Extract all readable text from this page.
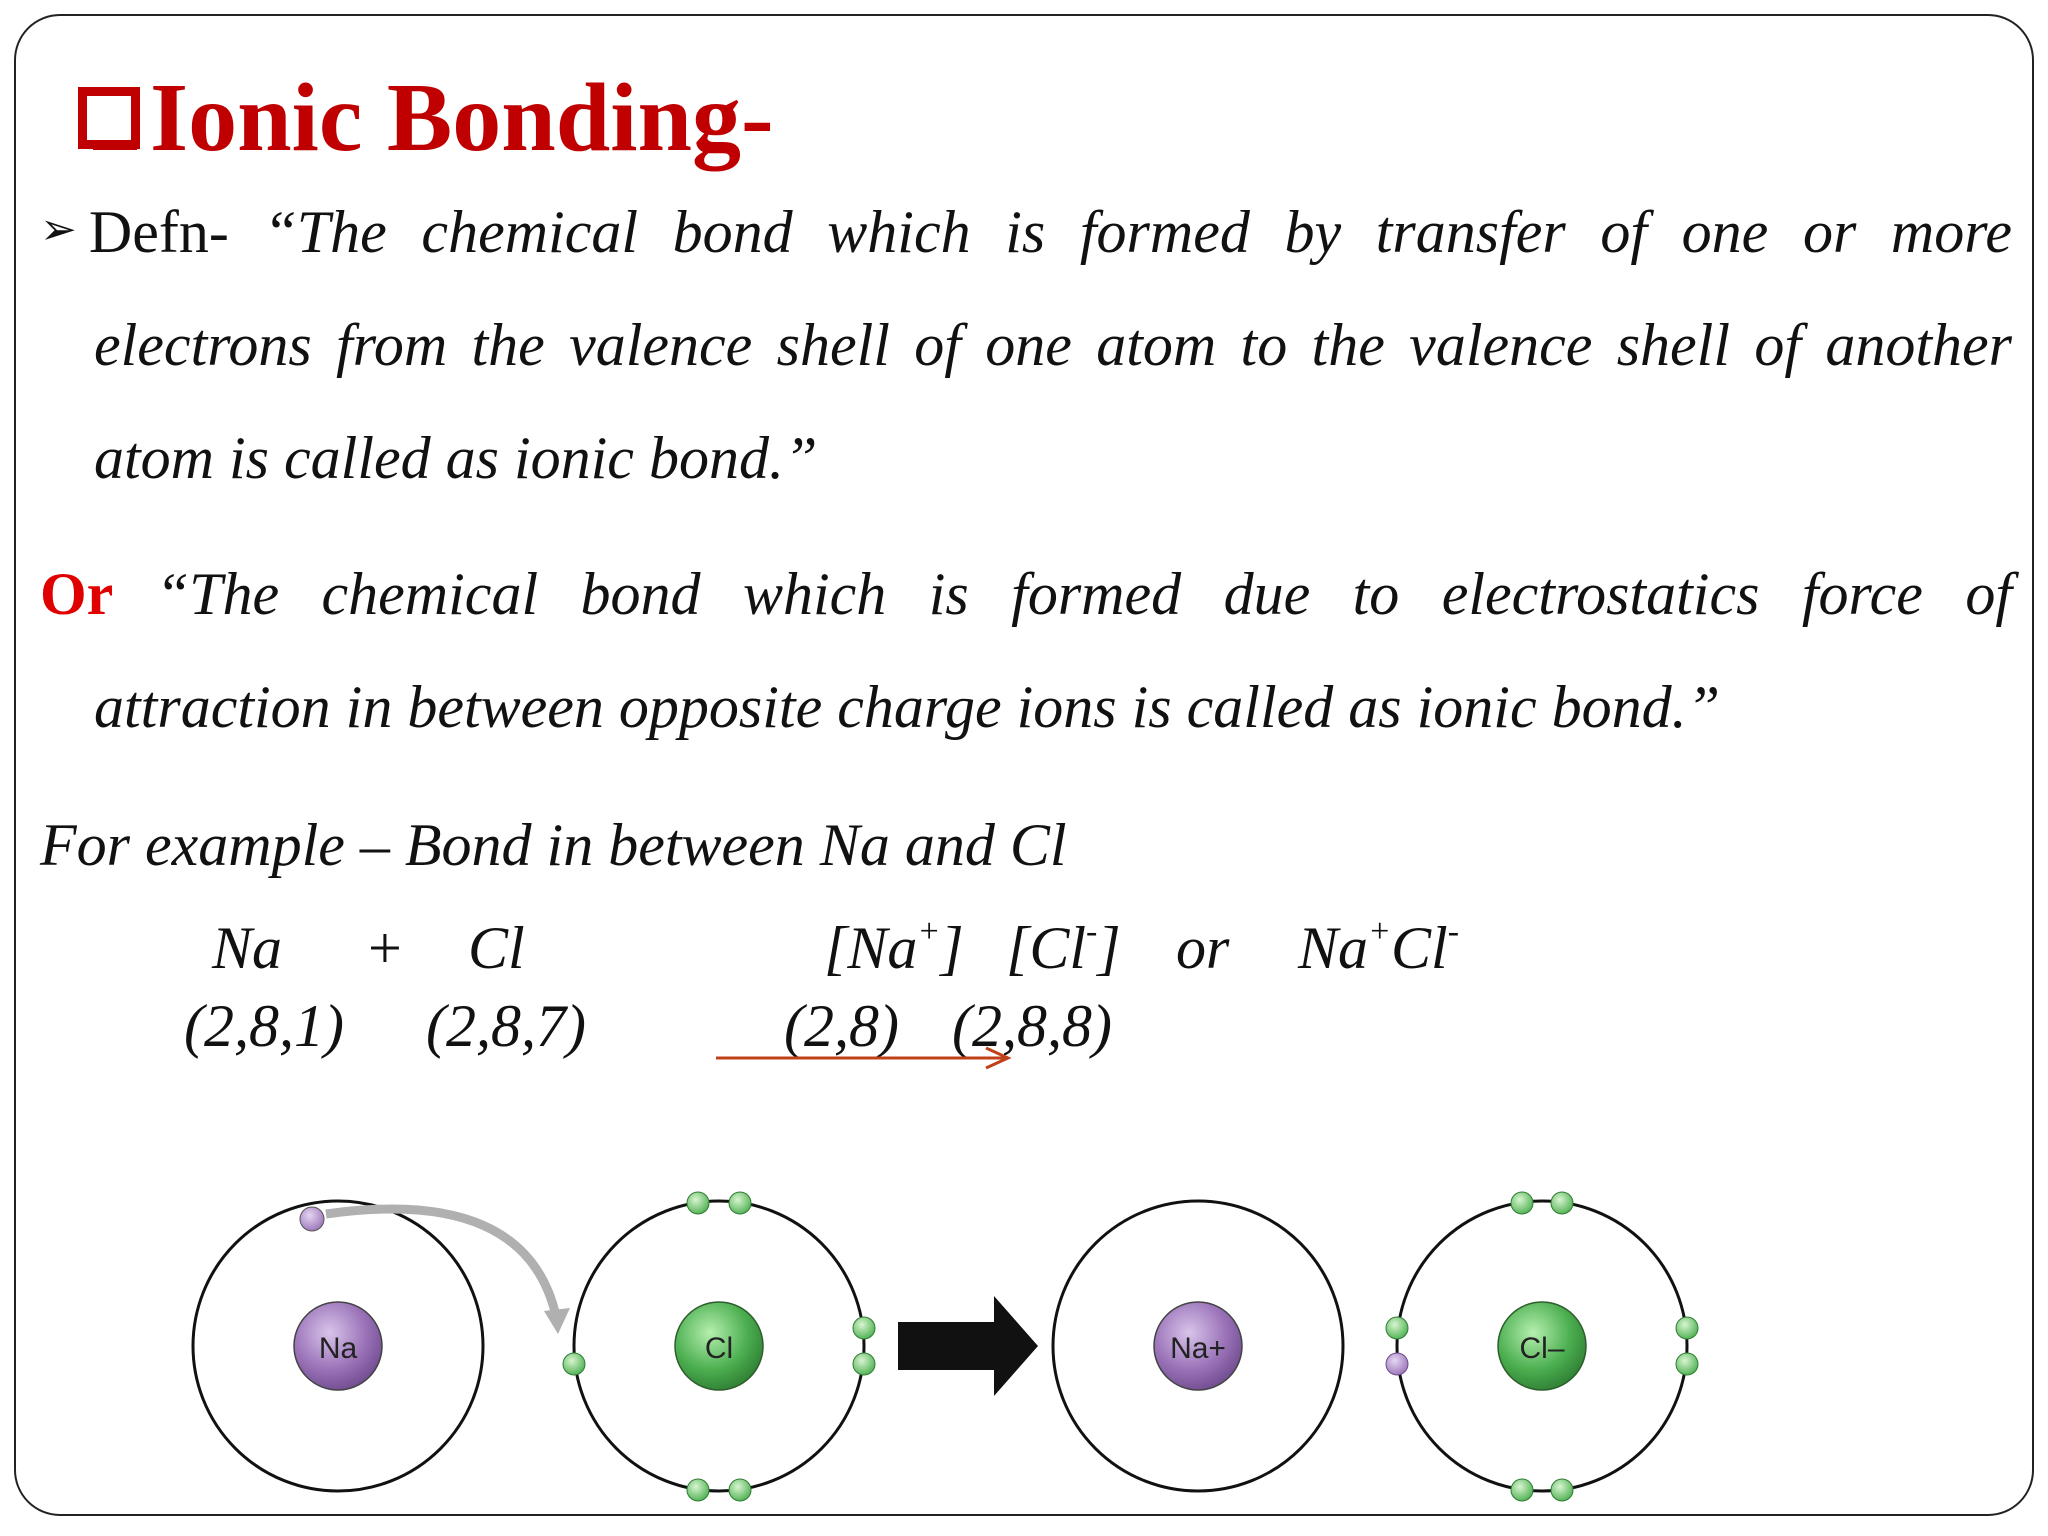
Ionic Bonding-
➢ Defn- “The chemical bond which is formed by transfer of one or more
electrons from the valence shell of one atom to the valence shell of another
atom is called as ionic bond.”
Or “The chemical bond which is formed due to electrostatics force of
attraction in between opposite charge ions is called as ionic bond.”
For example – Bond in between Na and Cl
Na + Cl	[Na+] [Cl-] or Na+Cl-
(2,8,1) (2,8,7)	(2,8) (2,8,8)
Na	Cl	Na+	Cl–
